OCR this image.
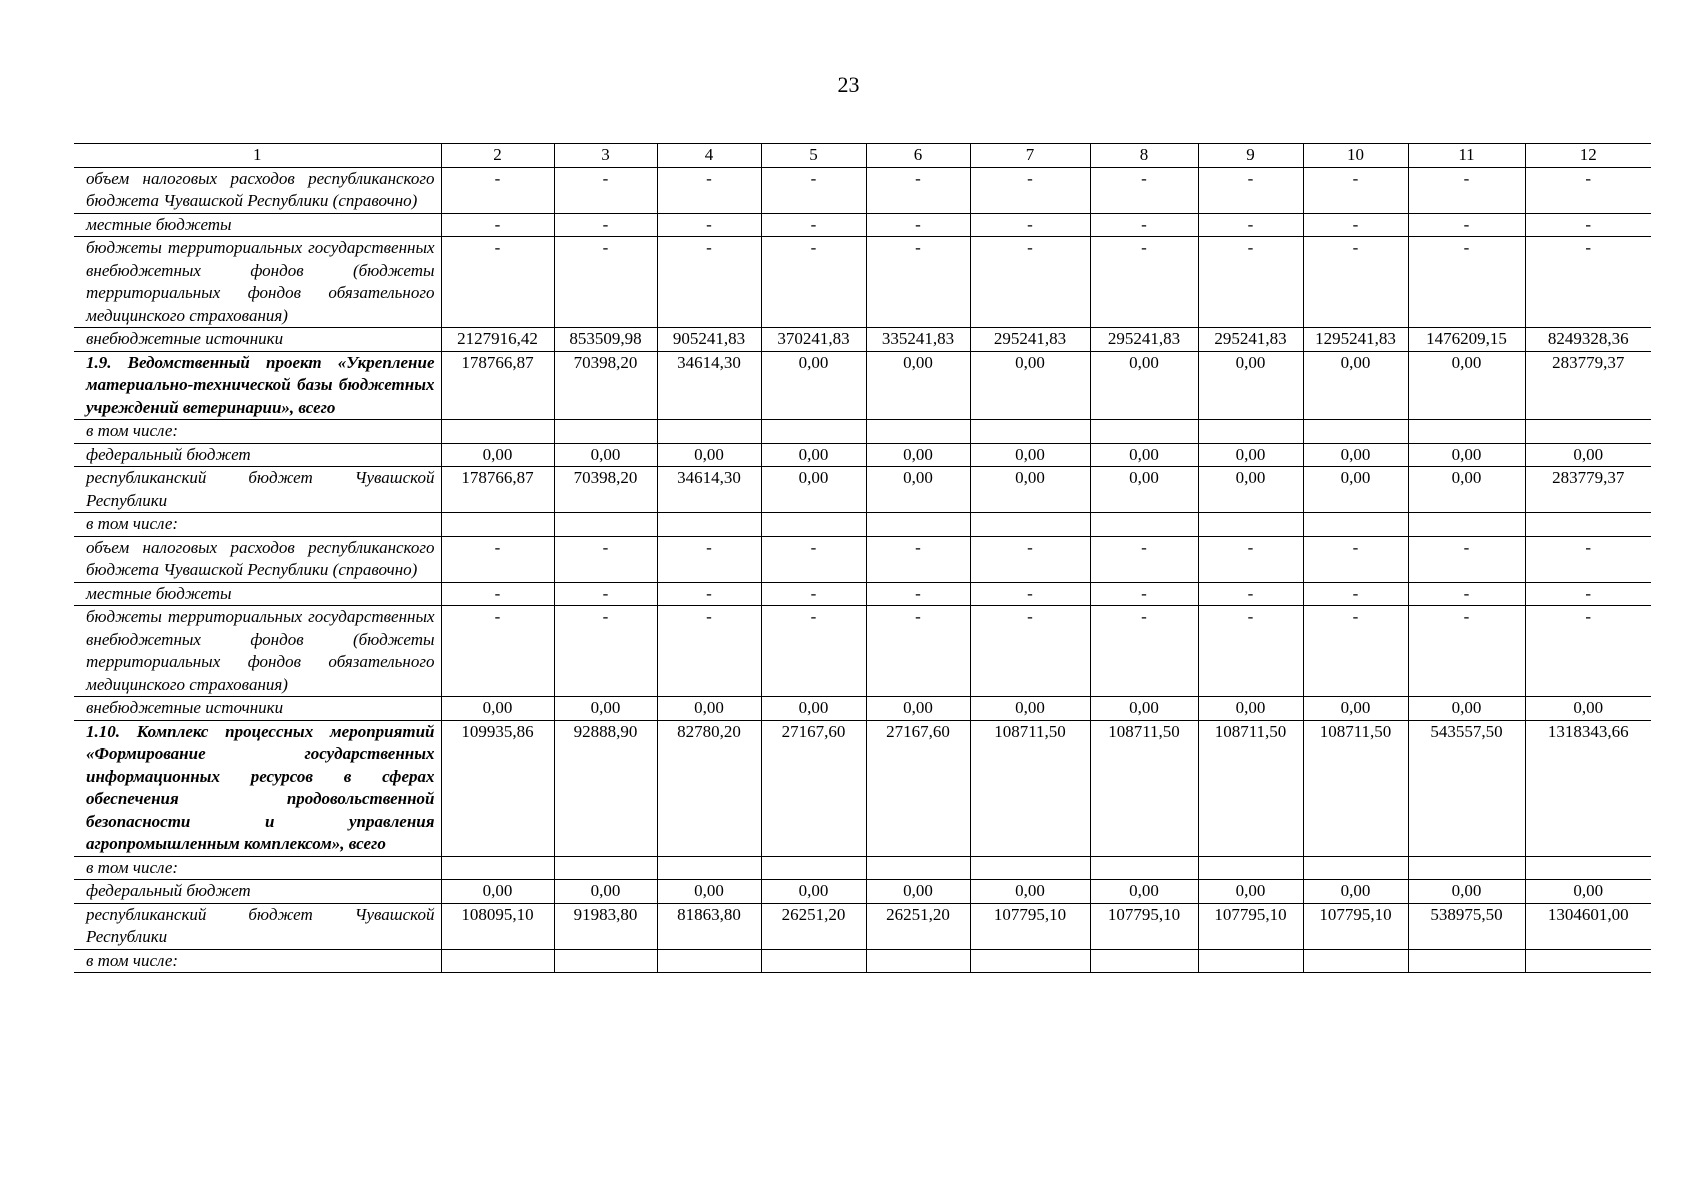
23
1	2	3	4	5	6	7	8	9	10	11	12
объем налоговых расходов республиканского бюджета Чувашской Республики (справочно)	-	-	-	-	-	-	-	-	-	-	-
местные бюджеты	-	-	-	-	-	-	-	-	-	-	-
бюджеты территориальных государственных внебюджетных фондов (бюджеты территориальных фондов обязательного медицинского страхования)	-	-	-	-	-	-	-	-	-	-	-
внебюджетные источники	2127916,42	853509,98	905241,83	370241,83	335241,83	295241,83	295241,83	295241,83	1295241,83	1476209,15	8249328,36
1.9. Ведомственный проект «Укрепление материально-технической базы бюджетных учреждений ветеринарии», всего	178766,87	70398,20	34614,30	0,00	0,00	0,00	0,00	0,00	0,00	0,00	283779,37
в том числе:											
федеральный бюджет	0,00	0,00	0,00	0,00	0,00	0,00	0,00	0,00	0,00	0,00	0,00
республиканский бюджет Чувашской Республики	178766,87	70398,20	34614,30	0,00	0,00	0,00	0,00	0,00	0,00	0,00	283779,37
в том числе:											
объем налоговых расходов республиканского бюджета Чувашской Республики (справочно)	-	-	-	-	-	-	-	-	-	-	-
местные бюджеты	-	-	-	-	-	-	-	-	-	-	-
бюджеты территориальных государственных внебюджетных фондов (бюджеты территориальных фондов обязательного медицинского страхования)	-	-	-	-	-	-	-	-	-	-	-
внебюджетные источники	0,00	0,00	0,00	0,00	0,00	0,00	0,00	0,00	0,00	0,00	0,00
1.10. Комплекс процессных мероприятий «Формирование государственных информационных ресурсов в сферах обеспечения продовольственной безопасности и управления агропромышленным комплексом», всего	109935,86	92888,90	82780,20	27167,60	27167,60	108711,50	108711,50	108711,50	108711,50	543557,50	1318343,66
в том числе:											
федеральный бюджет	0,00	0,00	0,00	0,00	0,00	0,00	0,00	0,00	0,00	0,00	0,00
республиканский бюджет Чувашской Республики	108095,10	91983,80	81863,80	26251,20	26251,20	107795,10	107795,10	107795,10	107795,10	538975,50	1304601,00
в том числе:											
